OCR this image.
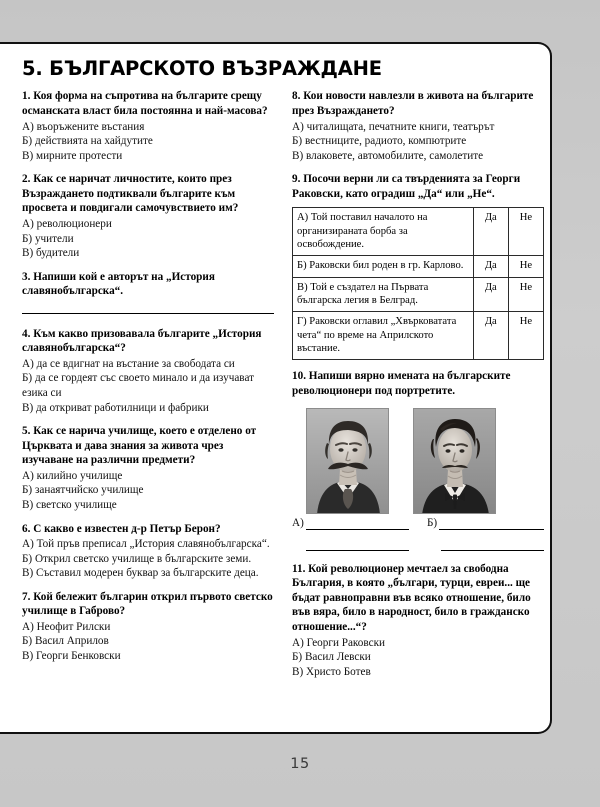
5. БЪЛГАРСКОТО ВЪЗРАЖДАНЕ

1. Коя форма на съпротива на българите срещу османската власт била постоянна и най-масова?

А) въоръжените въстания

Б) действията на хайдутите

В) мирните протести

2. Как се наричат личностите, които през Възраждането подтиквали българите към просвета и повдигали самочувствието им?

А) революционери

Б) учители

В) будители

3. Напиши кой е авторът на „История славянобългарска“.

4. Към какво призовавала българите „История славянобългарска“?

А) да се вдигнат на въстание за свободата си

Б) да се гордеят със своето минало и да изучават езика си

В) да откриват работилници и фабрики

5. Как се нарича училище, което е отделено от Църквата и дава знания за живота чрез изучаване на различни предмети?

А) килийно училище

Б) занаятчийско училище

В) светско училище

6. С какво е известен д-р Петър Берон?

А) Той пръв преписал „История славянобългарска“.

Б) Открил светско училище в българските земи.

В) Съставил модерен буквар за българските деца.

7. Кой бележит българин открил първото светско училище в Габрово?

А) Неофит Рилски

Б) Васил Априлов

В) Георги Бенковски

8. Кои новости навлезли в живота на българите през Възраждането?

А) читалищата, печатните книги, театърът

Б) вестниците, радиото, компютрите

В) влаковете, автомобилите, самолетите

9. Посочи верни ли са твърденията за Георги Раковски, като оградиш „Да“ или „Не“.

А) Той поставил началото на организираната борба за освобождение.	Да	Не
Б) Раковски бил роден в гр. Карлово.	Да	Не
В) Той е създател на Първата българска легия в Белград.	Да	Не
Г) Раковски оглавил „Хвърковатата чета“ по време на Априлското въстание.	Да	Не

10. Напиши вярно имената на българските революционери под портретите.

А)	Б)

11. Кой революционер мечтаел за свободна България, в която „българи, турци, евреи... ще бъдат равноправни във всяко отношение, било във вяра, било в народност, било в гражданско отношение...“?

А) Георги Раковски

Б) Васил Левски

В) Христо Ботев

15
